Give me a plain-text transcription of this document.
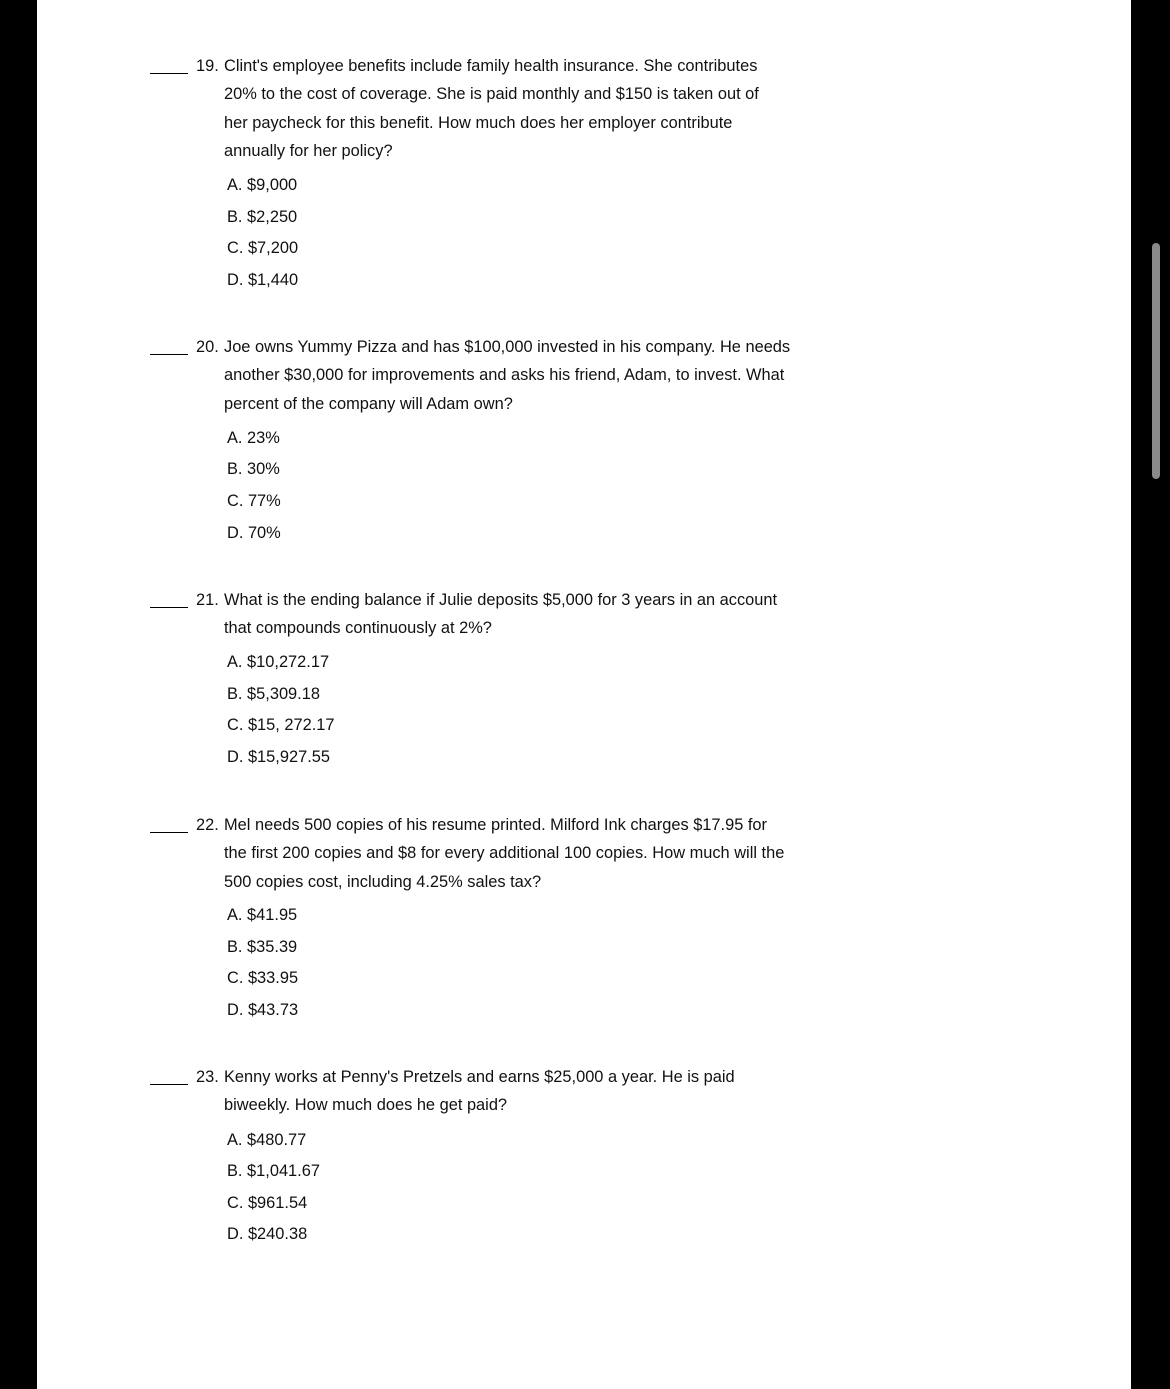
19. Clint's employee benefits include family health insurance. She contributes
20% to the cost of coverage. She is paid monthly and $150 is taken out of
her paycheck for this benefit. How much does her employer contribute
annually for her policy?
A. $9,000
B. $2,250
C. $7,200
D. $1,440
20. Joe owns Yummy Pizza and has $100,000 invested in his company. He needs
another $30,000 for improvements and asks his friend, Adam, to invest. What
percent of the company will Adam own?
A. 23%
B. 30%
C. 77%
D. 70%
21. What is the ending balance if Julie deposits $5,000 for 3 years in an account
that compounds continuously at 2%?
A. $10,272.17
B. $5,309.18
C. $15, 272.17
D. $15,927.55
22. Mel needs 500 copies of his resume printed. Milford Ink charges $17.95 for
the first 200 copies and $8 for every additional 100 copies. How much will the
500 copies cost, including 4.25% sales tax?
A. $41.95
B. $35.39
C. $33.95
D. $43.73
23. Kenny works at Penny's Pretzels and earns $25,000 a year. He is paid
biweekly. How much does he get paid?
A. $480.77
B. $1,041.67
C. $961.54
D. $240.38
